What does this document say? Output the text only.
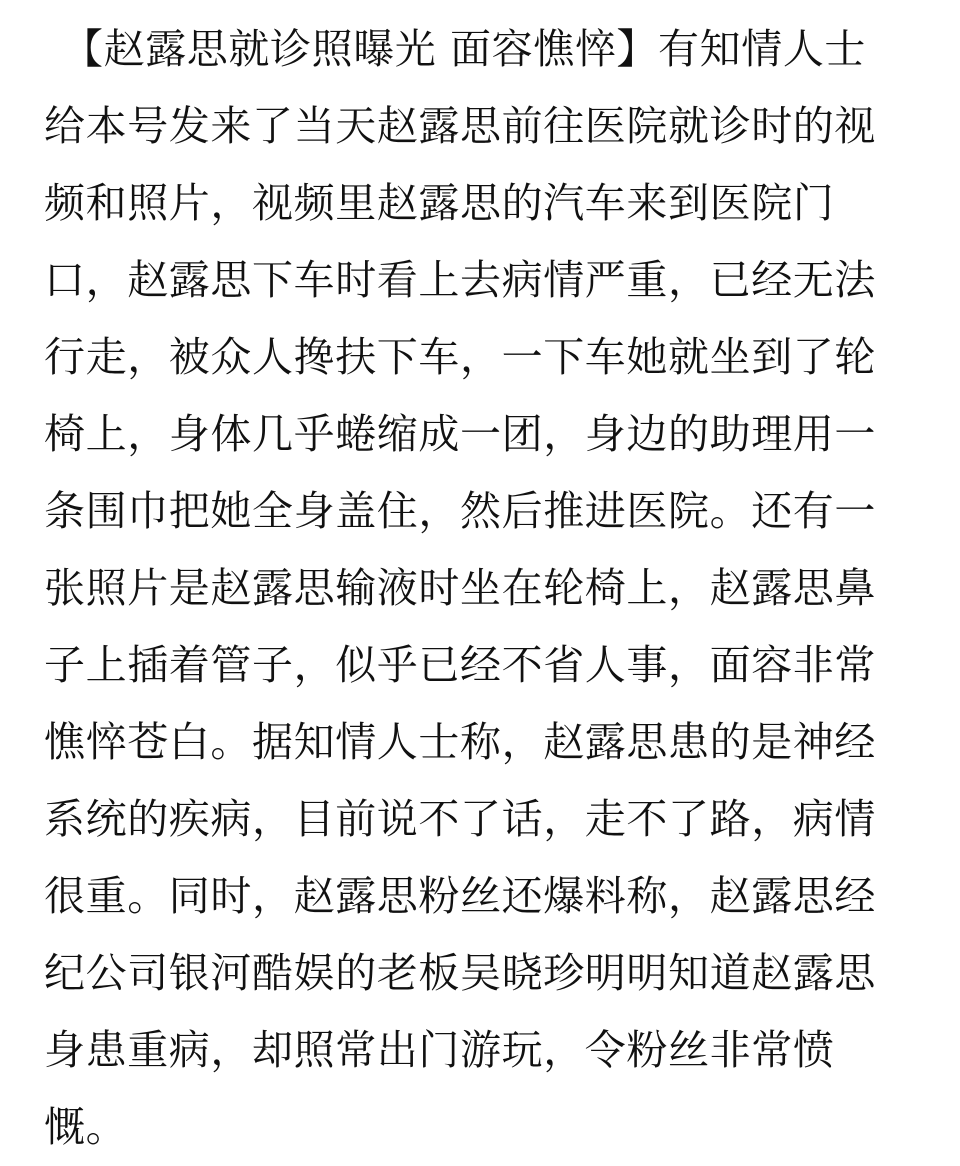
【赵露思就诊照曝光 面容憔悴】有知情人士
给本号发来了当天赵露思前往医院就诊时的视
频和照片，视频里赵露思的汽车来到医院门
口，赵露思下车时看上去病情严重，已经无法
行走，被众人搀扶下车，一下车她就坐到了轮
椅上，身体几乎蜷缩成一团，身边的助理用一
条围巾把她全身盖住，然后推进医院。还有一
张照片是赵露思输液时坐在轮椅上，赵露思鼻
子上插着管子，似乎已经不省人事，面容非常
憔悴苍白。据知情人士称，赵露思患的是神经
系统的疾病，目前说不了话，走不了路，病情
很重。同时，赵露思粉丝还爆料称，赵露思经
纪公司银河酷娱的老板吴晓珍明明知道赵露思
身患重病，却照常出门游玩，令粉丝非常愤
慨。
